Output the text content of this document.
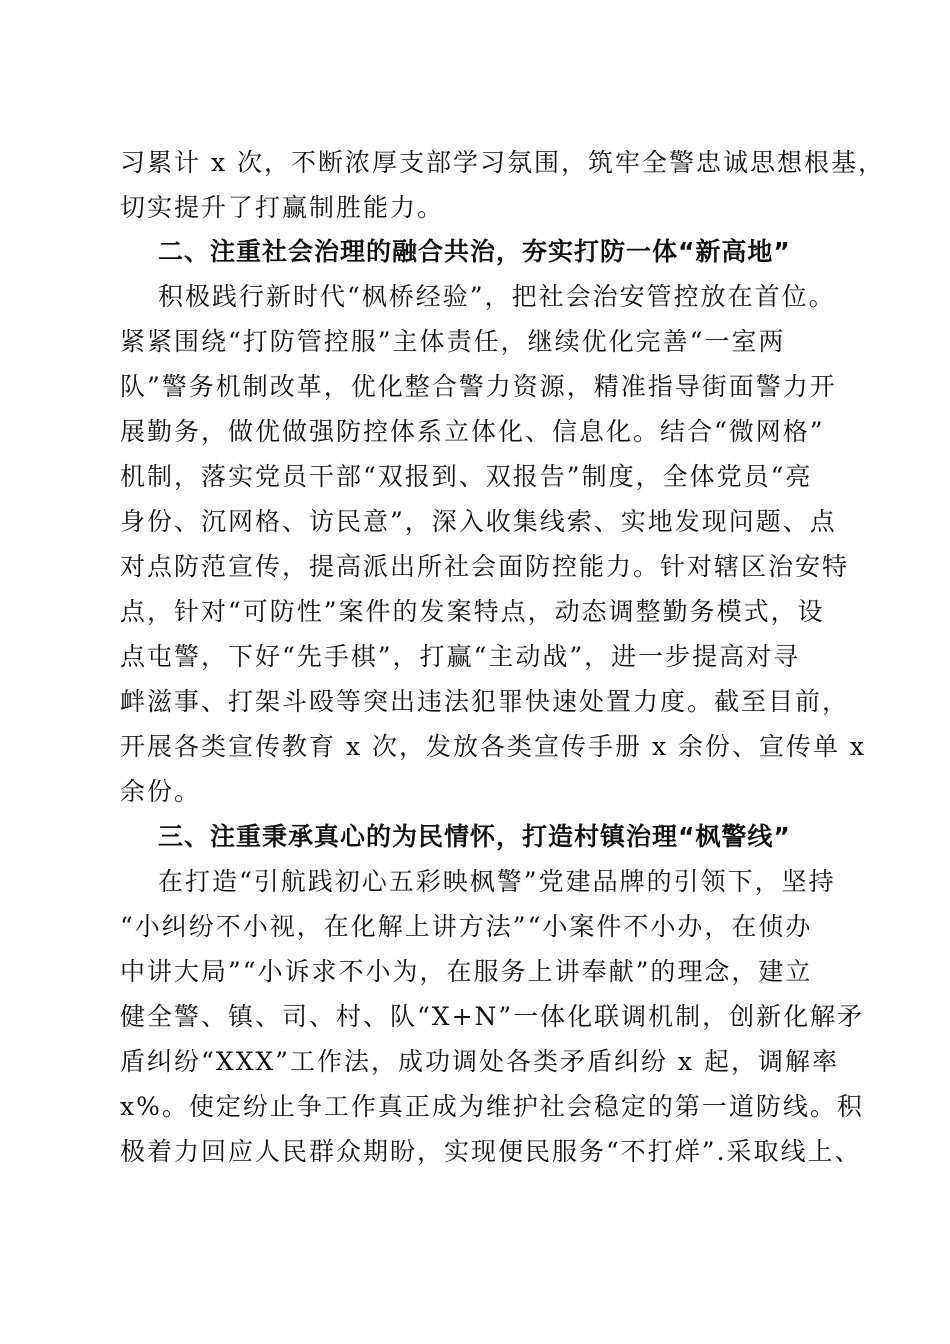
习累计 x 次，不断浓厚支部学习氛围，筑牢全警忠诚思想根基，
切实提升了打赢制胜能力。
二、注重社会治理的融合共治，夯实打防一体“新高地”
积极践行新时代“枫桥经验”，把社会治安管控放在首位。
紧紧围绕“打防管控服”主体责任，继续优化完善“一室两
队”警务机制改革，优化整合警力资源，精准指导街面警力开
展勤务，做优做强防控体系立体化、信息化。结合“微网格”
机制，落实党员干部“双报到、双报告”制度，全体党员“亮
身份、沉网格、访民意”，深入收集线索、实地发现问题、点
对点防范宣传，提高派出所社会面防控能力。针对辖区治安特
点，针对“可防性”案件的发案特点，动态调整勤务模式，设
点屯警，下好“先手棋”，打赢“主动战”，进一步提高对寻
衅滋事、打架斗殴等突出违法犯罪快速处置力度。截至目前，
开展各类宣传教育 x 次，发放各类宣传手册 x 余份、宣传单 x
余份。
三、注重秉承真心的为民情怀，打造村镇治理“枫警线”
在打造“引航践初心五彩映枫警”党建品牌的引领下，坚持
“小纠纷不小视，在化解上讲方法”“小案件不小办，在侦办
中讲大局”“小诉求不小为，在服务上讲奉献”的理念，建立
健全警、镇、司、村、队“X+N”一体化联调机制，创新化解矛
盾纠纷“XXX”工作法，成功调处各类矛盾纠纷 x 起，调解率
x%。使定纷止争工作真正成为维护社会稳定的第一道防线。积
极着力回应人民群众期盼，实现便民服务“不打烊”.采取线上、
